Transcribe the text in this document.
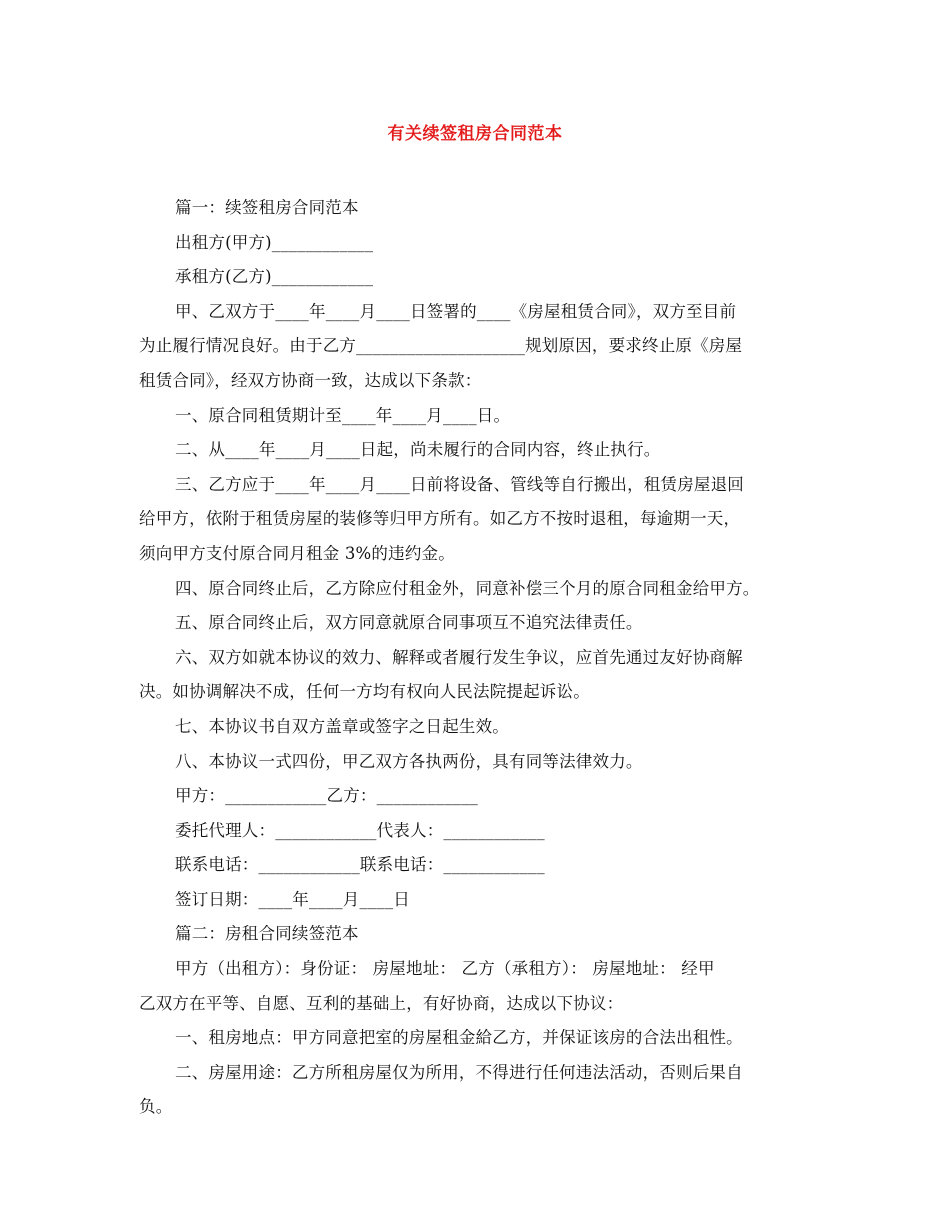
有关续签租房合同范本
篇一：续签租房合同范本
出租方(甲方)____________
承租方(乙方)____________
甲、乙双方于____年____月____日签署的____《房屋租赁合同》，双方至目前
为止履行情况良好。由于乙方____________________规划原因，要求终止原《房屋
租赁合同》，经双方协商一致，达成以下条款：
一、原合同租赁期计至____年____月____日。
二、从____年____月____日起，尚未履行的合同内容，终止执行。
三、乙方应于____年____月____日前将设备、管线等自行搬出，租赁房屋退回
给甲方，依附于租赁房屋的装修等归甲方所有。如乙方不按时退租，每逾期一天，
须向甲方支付原合同月租金 3%的违约金。
四、原合同终止后，乙方除应付租金外，同意补偿三个月的原合同租金给甲方。
五、原合同终止后，双方同意就原合同事项互不追究法律责任。
六、双方如就本协议的效力、解释或者履行发生争议，应首先通过友好协商解
决。如协调解决不成，任何一方均有权向人民法院提起诉讼。
七、本协议书自双方盖章或签字之日起生效。
八、本协议一式四份，甲乙双方各执两份，具有同等法律效力。
甲方：____________乙方：____________
委托代理人：____________代表人：____________
联系电话：____________联系电话：____________
签订日期：____年____月____日
篇二：房租合同续签范本
甲方（出租方）：身份证： 房屋地址： 乙方（承租方）： 房屋地址： 经甲
乙双方在平等、自愿、互利的基础上，有好协商，达成以下协议：
一、租房地点：甲方同意把室的房屋租金給乙方，并保证该房的合法出租性。
二、房屋用途：乙方所租房屋仅为所用，不得进行任何违法活动，否则后果自
负。
